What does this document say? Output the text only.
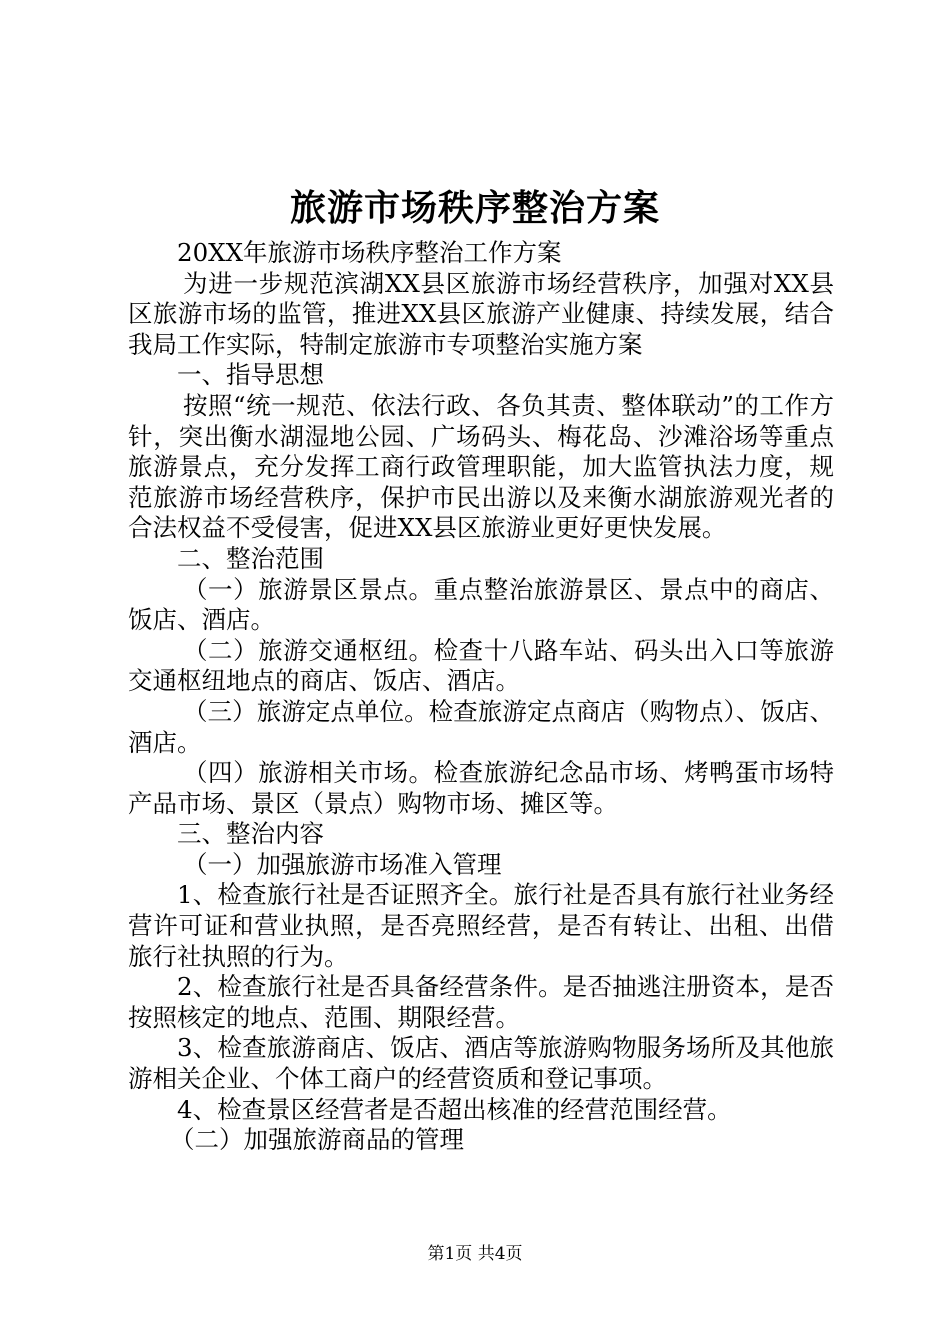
旅游市场秩序整治方案

20XX年旅游市场秩序整治工作方案

为进一步规范滨湖XX县区旅游市场经营秩序，加强对XX县区旅游市场的监管，推进XX县区旅游产业健康、持续发展，结合我局工作实际，特制定旅游市专项整治实施方案

一、指导思想

按照“统一规范、依法行政、各负其责、整体联动”的工作方针，突出衡水湖湿地公园、广场码头、梅花岛、沙滩浴场等重点旅游景点，充分发挥工商行政管理职能，加大监管执法力度，规范旅游市场经营秩序，保护市民出游以及来衡水湖旅游观光者的合法权益不受侵害，促进XX县区旅游业更好更快发展。

二、整治范围

（一）旅游景区景点。重点整治旅游景区、景点中的商店、饭店、酒店。

（二）旅游交通枢纽。检查十八路车站、码头出入口等旅游交通枢纽地点的商店、饭店、酒店。

（三）旅游定点单位。检查旅游定点商店（购物点）、饭店、酒店。

（四）旅游相关市场。检查旅游纪念品市场、烤鸭蛋市场特产品市场、景区（景点）购物市场、摊区等。

三、整治内容

（一）加强旅游市场准入管理

1、检查旅行社是否证照齐全。旅行社是否具有旅行社业务经营许可证和营业执照，是否亮照经营，是否有转让、出租、出借旅行社执照的行为。

2、检查旅行社是否具备经营条件。是否抽逃注册资本，是否按照核定的地点、范围、期限经营。

3、检查旅游商店、饭店、酒店等旅游购物服务场所及其他旅游相关企业、个体工商户的经营资质和登记事项。

4、检查景区经营者是否超出核准的经营范围经营。

（二）加强旅游商品的管理

第1页 共4页
